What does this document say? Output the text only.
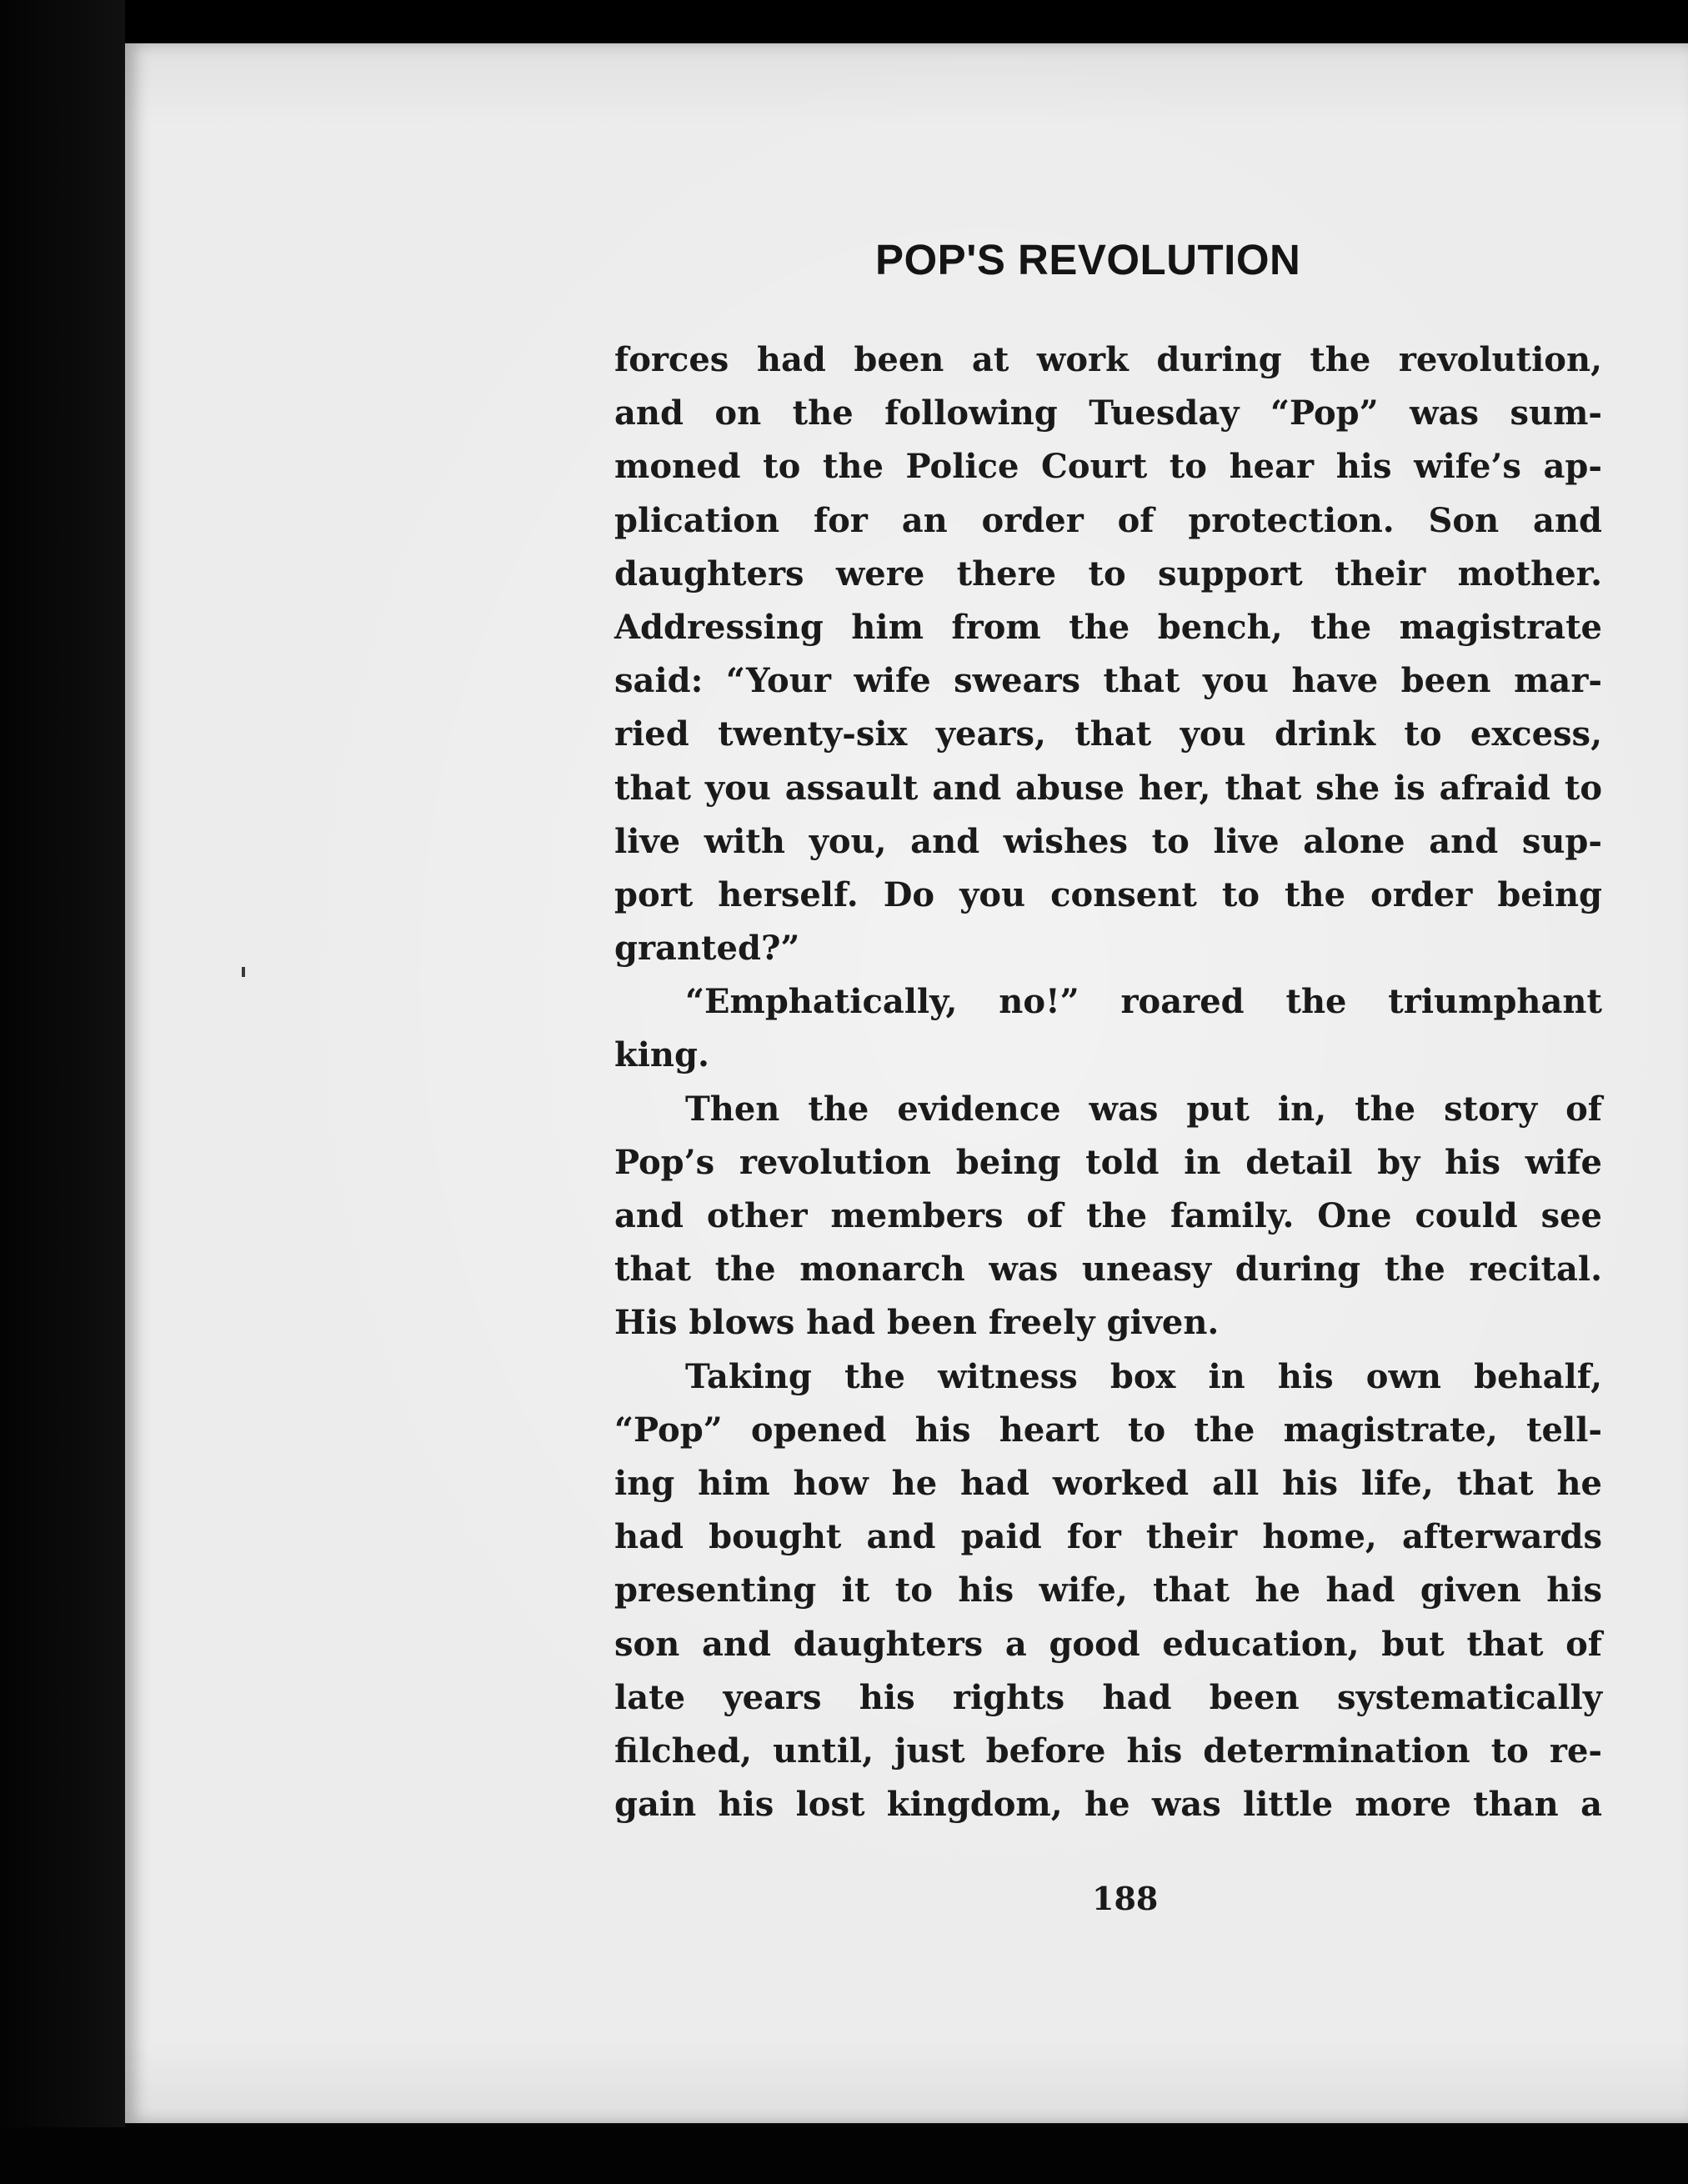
POP'S REVOLUTION
forces had been at work during the revolution,
and on the following Tuesday “Pop” was sum-
moned to the Police Court to hear his wife’s ap-
plication for an order of protection. Son and
daughters were there to support their mother.
Addressing him from the bench, the magistrate
said: “Your wife swears that you have been mar-
ried twenty-six years, that you drink to excess,
that you assault and abuse her, that she is afraid to
live with you, and wishes to live alone and sup-
port herself. Do you consent to the order being
granted?”
“Emphatically, no!” roared the triumphant
king.
Then the evidence was put in, the story of
Pop’s revolution being told in detail by his wife
and other members of the family. One could see
that the monarch was uneasy during the recital.
His blows had been freely given.
Taking the witness box in his own behalf,
“Pop” opened his heart to the magistrate, tell-
ing him how he had worked all his life, that he
had bought and paid for their home, afterwards
presenting it to his wife, that he had given his
son and daughters a good education, but that of
late years his rights had been systematically
filched, until, just before his determination to re-
gain his lost kingdom, he was little more than a
188
